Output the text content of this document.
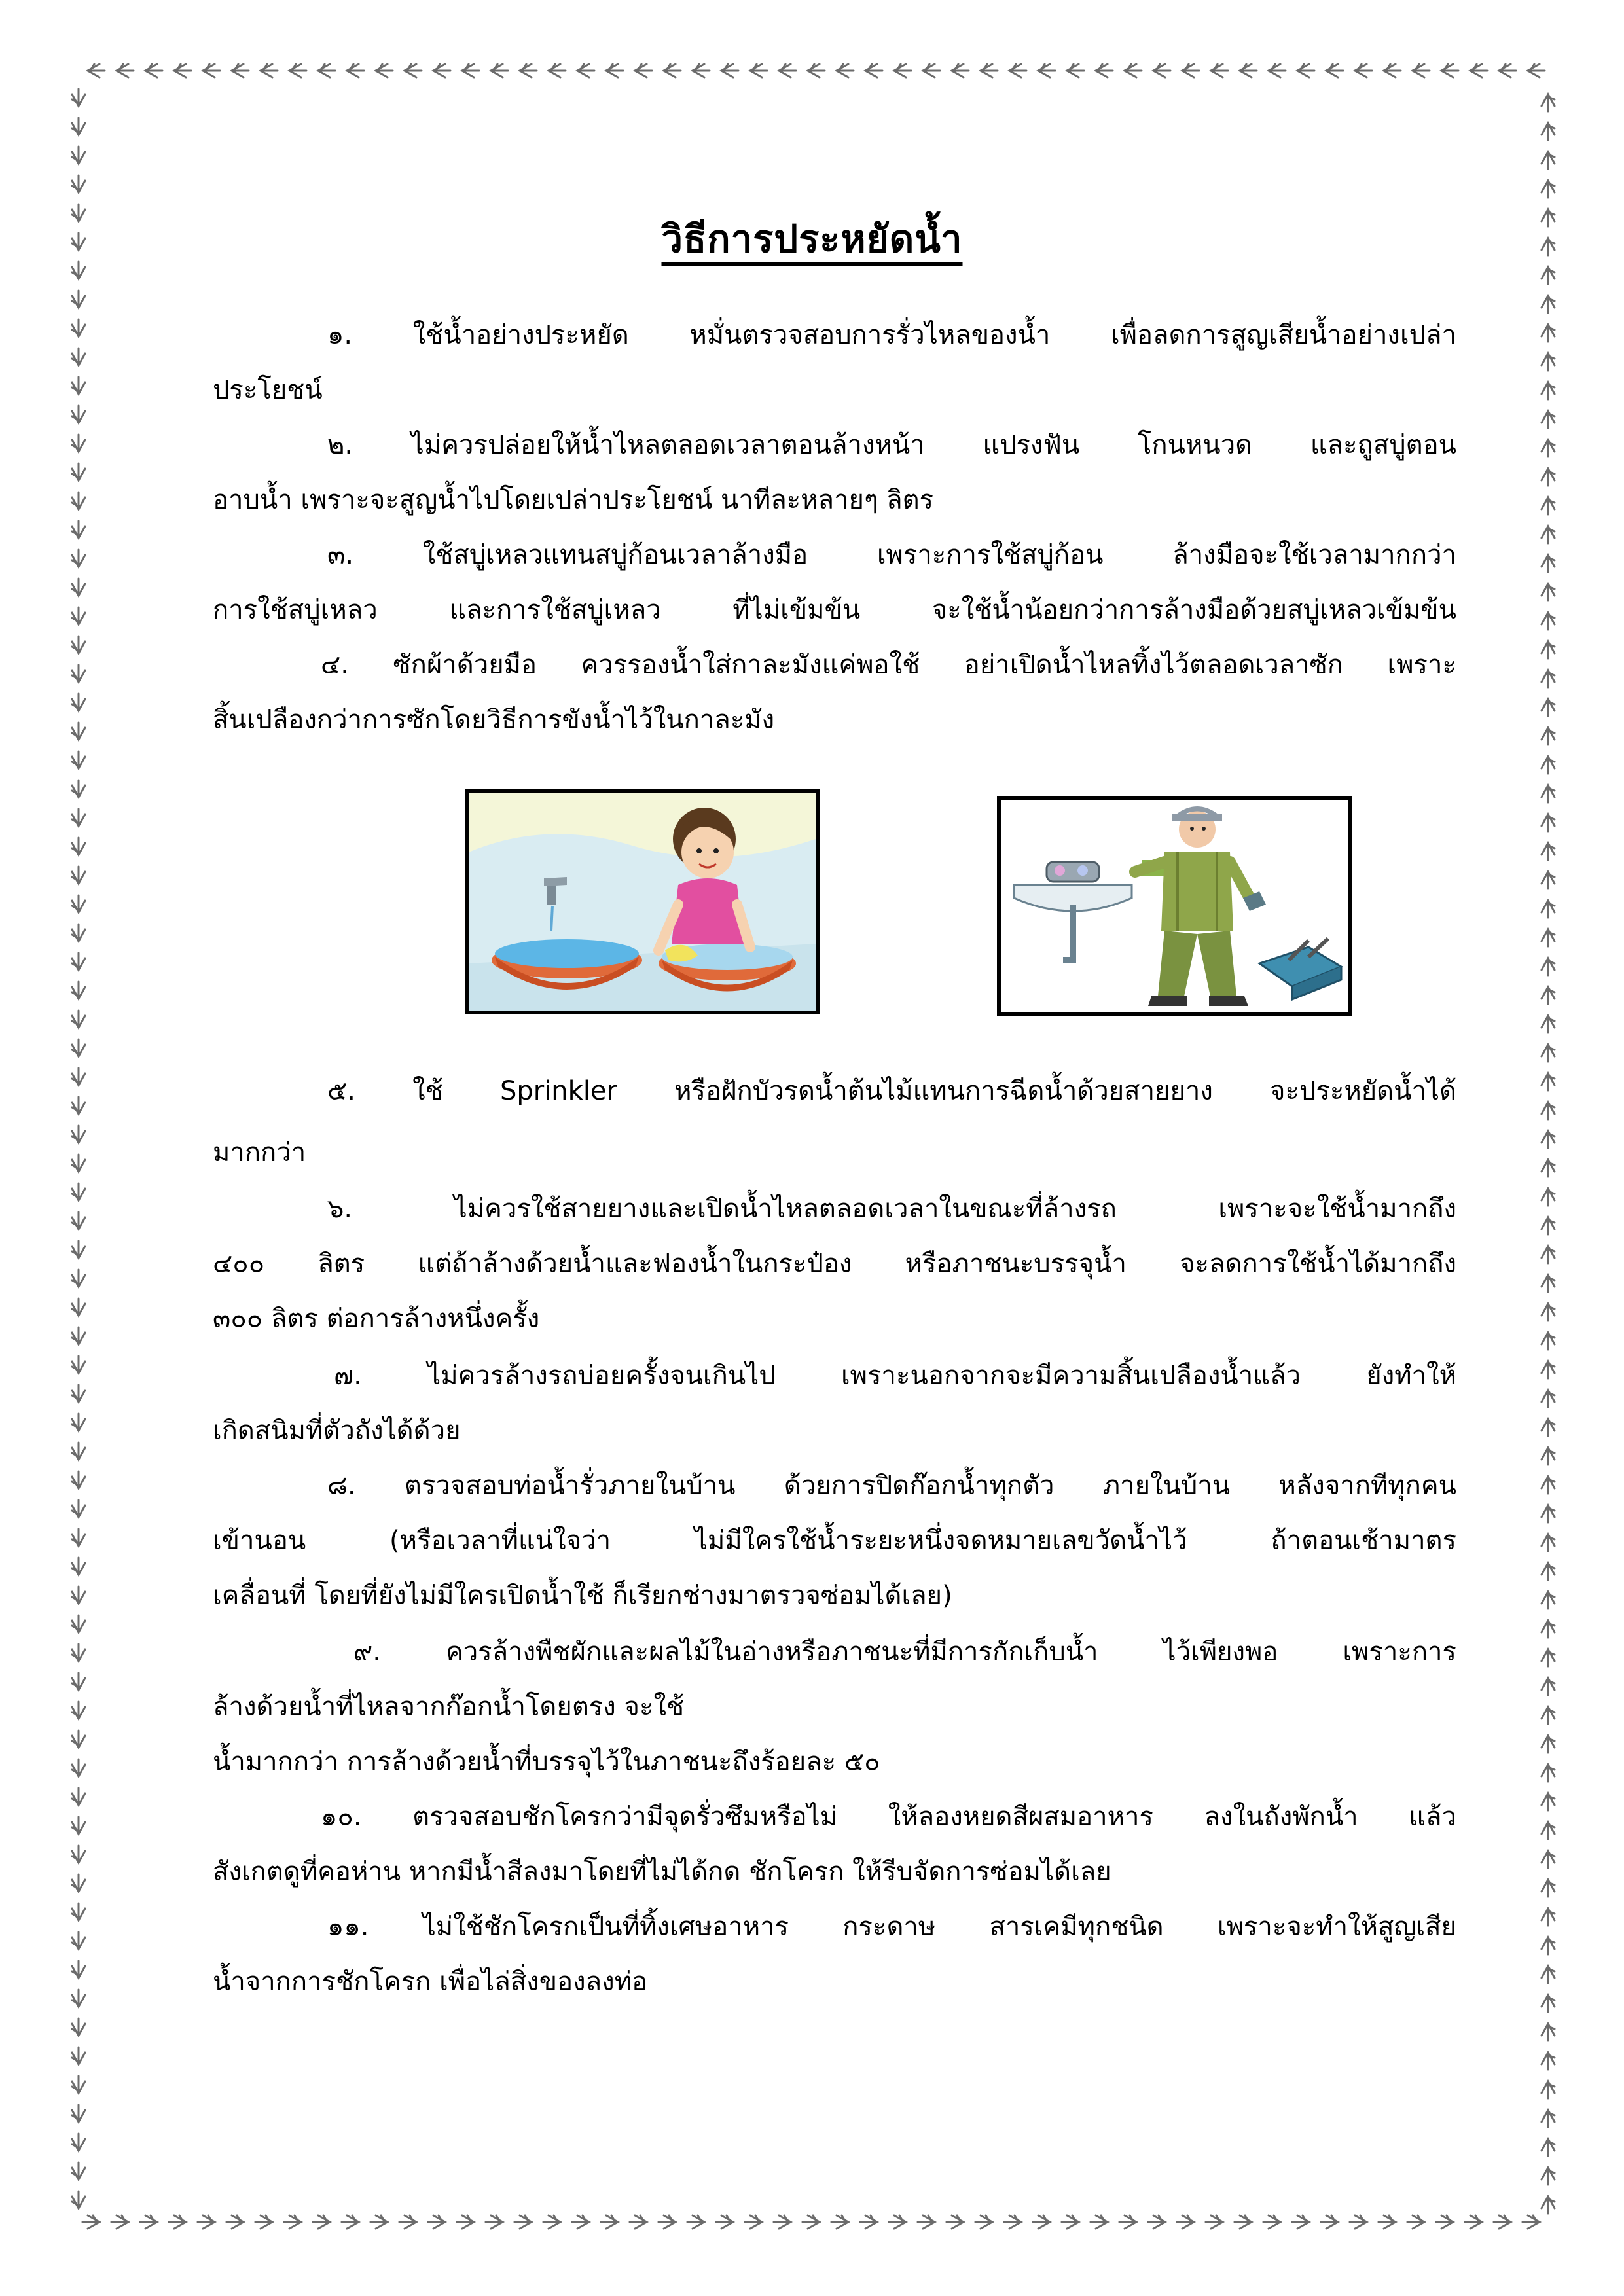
วิธีการประหยัดน้ำ
๑. ใช้น้ำอย่างประหยัด หมั่นตรวจสอบการรั่วไหลของน้ำ เพื่อลดการสูญเสียน้ำอย่างเปล่า
ประโยชน์
๒. ไม่ควรปล่อยให้น้ำไหลตลอดเวลาตอนล้างหน้า แปรงฟัน โกนหนวด และถูสบู่ตอน
อาบน้ำ เพราะจะสูญน้ำไปโดยเปล่าประโยชน์ นาทีละหลายๆ ลิตร
๓. ใช้สบู่เหลวแทนสบู่ก้อนเวลาล้างมือ เพราะการใช้สบู่ก้อน ล้างมือจะใช้เวลามากกว่า
การใช้สบู่เหลว และการใช้สบู่เหลว ที่ไม่เข้มข้น จะใช้น้ำน้อยกว่าการล้างมือด้วยสบู่เหลวเข้มข้น
๔. ซักผ้าด้วยมือ ควรรองน้ำใส่กาละมังแค่พอใช้ อย่าเปิดน้ำไหลทิ้งไว้ตลอดเวลาซัก เพราะ
สิ้นเปลืองกว่าการซักโดยวิธีการขังน้ำไว้ในกาละมัง
๕. ใช้ Sprinkler หรือฝักบัวรดน้ำต้นไม้แทนการฉีดน้ำด้วยสายยาง จะประหยัดน้ำได้
มากกว่า
๖. ไม่ควรใช้สายยางและเปิดน้ำไหลตลอดเวลาในขณะที่ล้างรถ เพราะจะใช้น้ำมากถึง
๔๐๐ ลิตร แต่ถ้าล้างด้วยน้ำและฟองน้ำในกระป๋อง หรือภาชนะบรรจุน้ำ จะลดการใช้น้ำได้มากถึง
๓๐๐ ลิตร ต่อการล้างหนึ่งครั้ง
๗. ไม่ควรล้างรถบ่อยครั้งจนเกินไป เพราะนอกจากจะมีความสิ้นเปลืองน้ำแล้ว ยังทำให้
เกิดสนิมที่ตัวถังได้ด้วย
๘. ตรวจสอบท่อน้ำรั่วภายในบ้าน ด้วยการปิดก๊อกน้ำทุกตัว ภายในบ้าน หลังจากทีทุกคน
เข้านอน (หรือเวลาที่แน่ใจว่า ไม่มีใครใช้น้ำระยะหนึ่งจดหมายเลขวัดน้ำไว้ ถ้าตอนเช้ามาตร
เคลื่อนที่ โดยที่ยังไม่มีใครเปิดน้ำใช้ ก็เรียกช่างมาตรวจซ่อมได้เลย)
๙. ควรล้างพืชผักและผลไม้ในอ่างหรือภาชนะที่มีการกักเก็บน้ำ ไว้เพียงพอ เพราะการ
ล้างด้วยน้ำที่ไหลจากก๊อกน้ำโดยตรง จะใช้
น้ำมากกว่า การล้างด้วยน้ำที่บรรจุไว้ในภาชนะถึงร้อยละ ๕๐
๑๐. ตรวจสอบชักโครกว่ามีจุดรั่วซึมหรือไม่ ให้ลองหยดสีผสมอาหาร ลงในถังพักน้ำ แล้ว
สังเกตดูที่คอห่าน หากมีน้ำสีลงมาโดยที่ไม่ได้กด ชักโครก ให้รีบจัดการซ่อมได้เลย
๑๑. ไม่ใช้ชักโครกเป็นที่ทิ้งเศษอาหาร กระดาษ สารเคมีทุกชนิด เพราะจะทำให้สูญเสีย
น้ำจากการชักโครก เพื่อไล่สิ่งของลงท่อ
